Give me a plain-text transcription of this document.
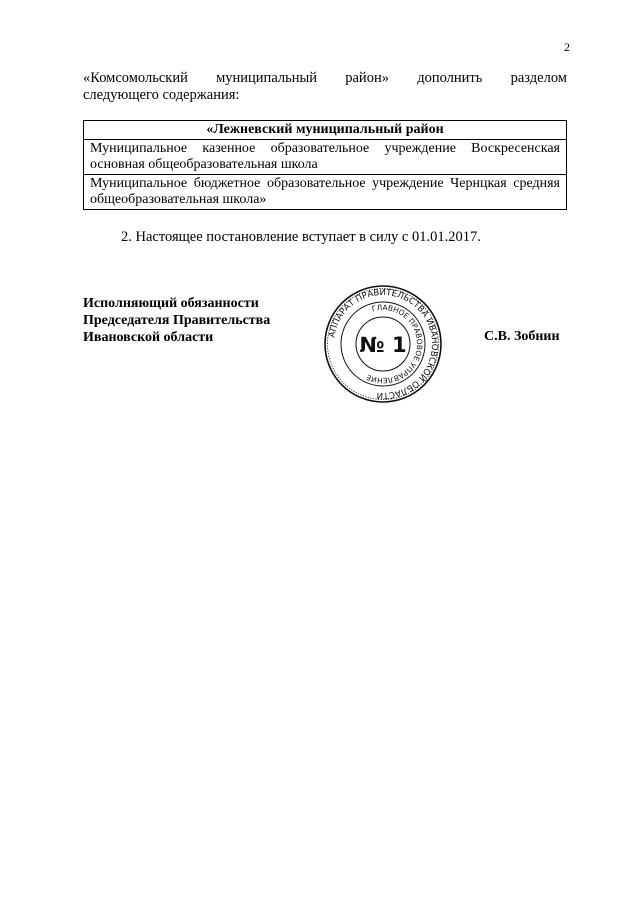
2
«Комсомольский муниципальный район» дополнить разделом
следующего содержания:
«Лежневский муниципальный район
Муниципальное казенное образовательное учреждение Воскресенская основная общеобразовательная школа
Муниципальное бюджетное образовательное учреждение Чернцкая средняя общеобразовательная школа»
2. Настоящее постановление вступает в силу с 01.01.2017.
Исполняющий обязанности
Председателя Правительства
Ивановской области	АППАРАТ ПРАВИТЕЛЬСТВА ИВАНОВСКОЙ ОБЛАСТИ
ГЛАВНОЕ ПРАВОВОЕ УПРАВЛЕНИЕ
№ 1	С.В. Зобнин
